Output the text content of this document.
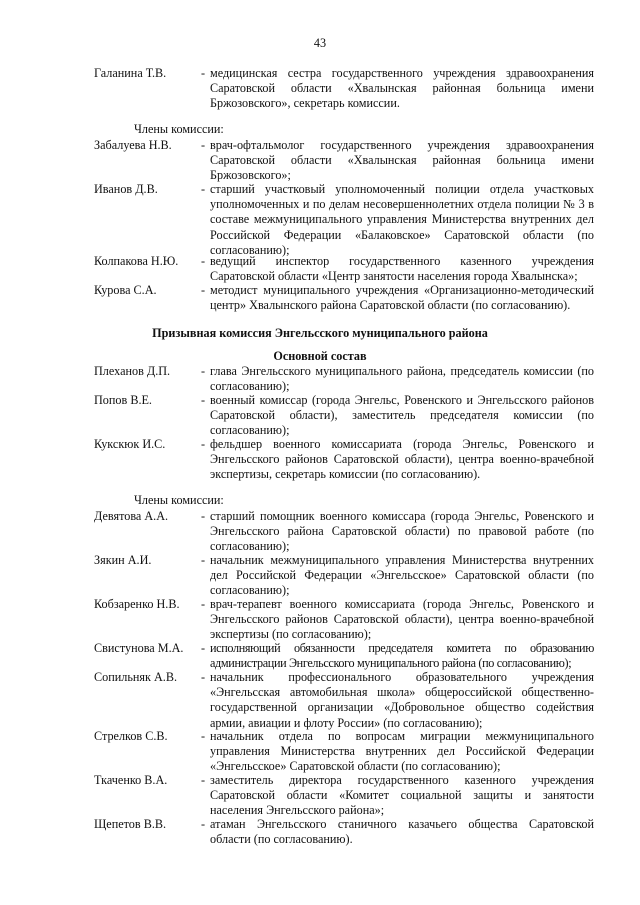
43
Галанина Т.В.	- медицинская сестра государственного учреждения здравоохранения Саратовской области «Хвалынская районная больница имени Бржозовского», секретарь комиссии.
Члены комиссии:
Забалуева Н.В. - врач-офтальмолог государственного учреждения здравоохранения Саратовской области «Хвалынская районная больница имени Бржозовского»;
Иванов Д.В.	- старший участковый уполномоченный полиции отдела участковых уполномоченных и по делам несовершеннолетних отдела полиции № 3 в составе межмуниципального управления Министерства внутренних дел Российской Федерации «Балаковское» Саратовской области (по согласованию);
Колпакова Н.Ю. - ведущий инспектор государственного казенного учреждения Саратовской области «Центр занятости населения города Хвалынска»;
Курова С.А.	- методист муниципального учреждения «Организационно-методический центр» Хвалынского района Саратовской области (по согласованию).
Призывная комиссия Энгельсского муниципального района
Основной состав
Плеханов Д.П.	- глава Энгельсского муниципального района, председатель комиссии (по согласованию);
Попов В.Е.	- военный комиссар (города Энгельс, Ровенского и Энгельсского районов Саратовской области), заместитель председателя комиссии (по согласованию);
Кукскюк И.С.	- фельдшер военного комиссариата (города Энгельс, Ровенского и Энгельсского районов Саратовской области), центра военно-врачебной экспертизы, секретарь комиссии (по согласованию).
Члены комиссии:
Девятова А.А.	- старший помощник военного комиссара (города Энгельс, Ровенского и Энгельсского района Саратовской области) по правовой работе (по согласованию);
Зякин А.И.	- начальник межмуниципального управления Министерства внутренних дел Российской Федерации «Энгельсское» Саратовской области (по согласованию);
Кобзаренко Н.В. - врач-терапевт военного комиссариата (города Энгельс, Ровенского и Энгельсского районов Саратовской области), центра военно-врачебной экспертизы (по согласованию);
Свистунова М.А. - исполняющий обязанности председателя комитета по образованию администрации Энгельсского муниципального района (по согласованию);
Сопильняк А.В. - начальник профессионального образовательного учреждения «Энгельсская автомобильная школа» общероссийской общественно-государственной организации «Добровольное общество содействия армии, авиации и флоту России» (по согласованию);
Стрелков С.В.	- начальник отдела по вопросам миграции межмуниципального управления Министерства внутренних дел Российской Федерации «Энгельсское» Саратовской области (по согласованию);
Ткаченко В.А.	- заместитель директора государственного казенного учреждения Саратовской области «Комитет социальной защиты и занятости населения Энгельсского района»;
Щепетов В.В.	- атаман Энгельсского станичного казачьего общества Саратовской области (по согласованию).
